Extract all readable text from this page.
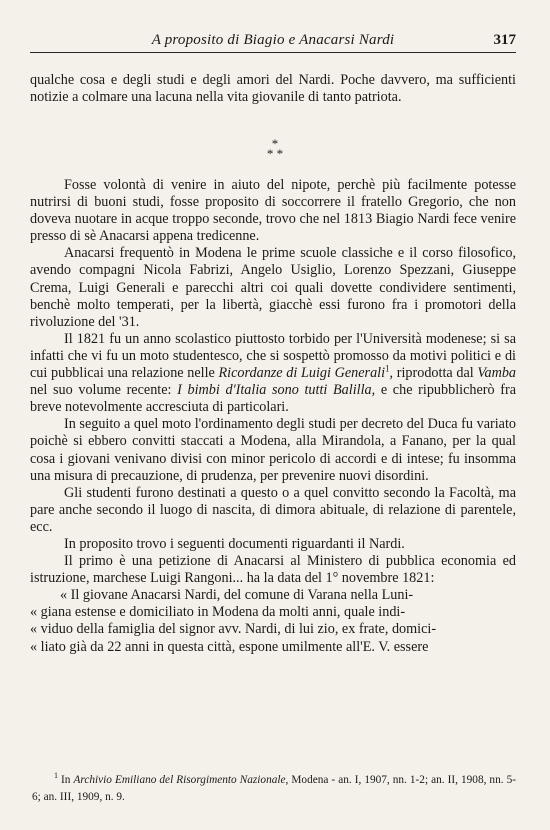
A proposito di Biagio e Anacarsi Nardi	317

qualche cosa e degli studi e degli amori del Nardi. Poche davvero, ma sufficienti notizie a colmare una lacuna nella vita giovanile di tanto patriota.

*
* *

Fosse volontà di venire in aiuto del nipote, perchè più facilmente potesse nutrirsi di buoni studi, fosse proposito di soccorrere il fratello Gregorio, che non doveva nuotare in acque troppo seconde, trovo che nel 1813 Biagio Nardi fece venire presso di sè Anacarsi appena tredicenne.

Anacarsi frequentò in Modena le prime scuole classiche e il corso filosofico, avendo compagni Nicola Fabrizi, Angelo Usiglio, Lorenzo Spezzani, Giuseppe Crema, Luigi Generali e parecchi altri coi quali dovette condividere sentimenti, benchè molto temperati, per la libertà, giacchè essi furono fra i promotori della rivoluzione del '31.

Il 1821 fu un anno scolastico piuttosto torbido per l'Università modenese; si sa infatti che vi fu un moto studentesco, che si sospettò promosso da motivi politici e di cui pubblicai una relazione nelle Ricordanze di Luigi Generali$^1$, riprodotta dal Vamba nel suo volume recente: I bimbi d'Italia sono tutti Balilla, e che ripubblicherò fra breve notevolmente accresciuta di particolari.

In seguito a quel moto l'ordinamento degli studi per decreto del Duca fu variato poichè si ebbero convitti staccati a Modena, alla Mirandola, a Fanano, per la qual cosa i giovani venivano divisi con minor pericolo di accordi e di intese; fu insomma una misura di precauzione, di prudenza, per prevenire nuovi disordini.

Gli studenti furono destinati a questo o a quel convitto secondo la Facoltà, ma pare anche secondo il luogo di nascita, di dimora abituale, di relazione di parentele, ecc.

In proposito trovo i seguenti documenti riguardanti il Nardi.

Il primo è una petizione di Anacarsi al Ministero di pubblica economia ed istruzione, marchese Luigi Rangoni... ha la data del 1° novembre 1821:

« Il giovane Anacarsi Nardi, del comune di Varana nella Luni-

« giana estense e domiciliato in Modena da molti anni, quale indi-

« viduo della famiglia del signor avv. Nardi, di lui zio, ex frate, domici-

« liato già da 22 anni in questa città, espone umilmente all'E. V. essere

$^1$ In Archivio Emiliano del Risorgimento Nazionale, Modena - an. I, 1907, nn. 1-2; an. II, 1908, nn. 5-6; an. III, 1909, n. 9.
